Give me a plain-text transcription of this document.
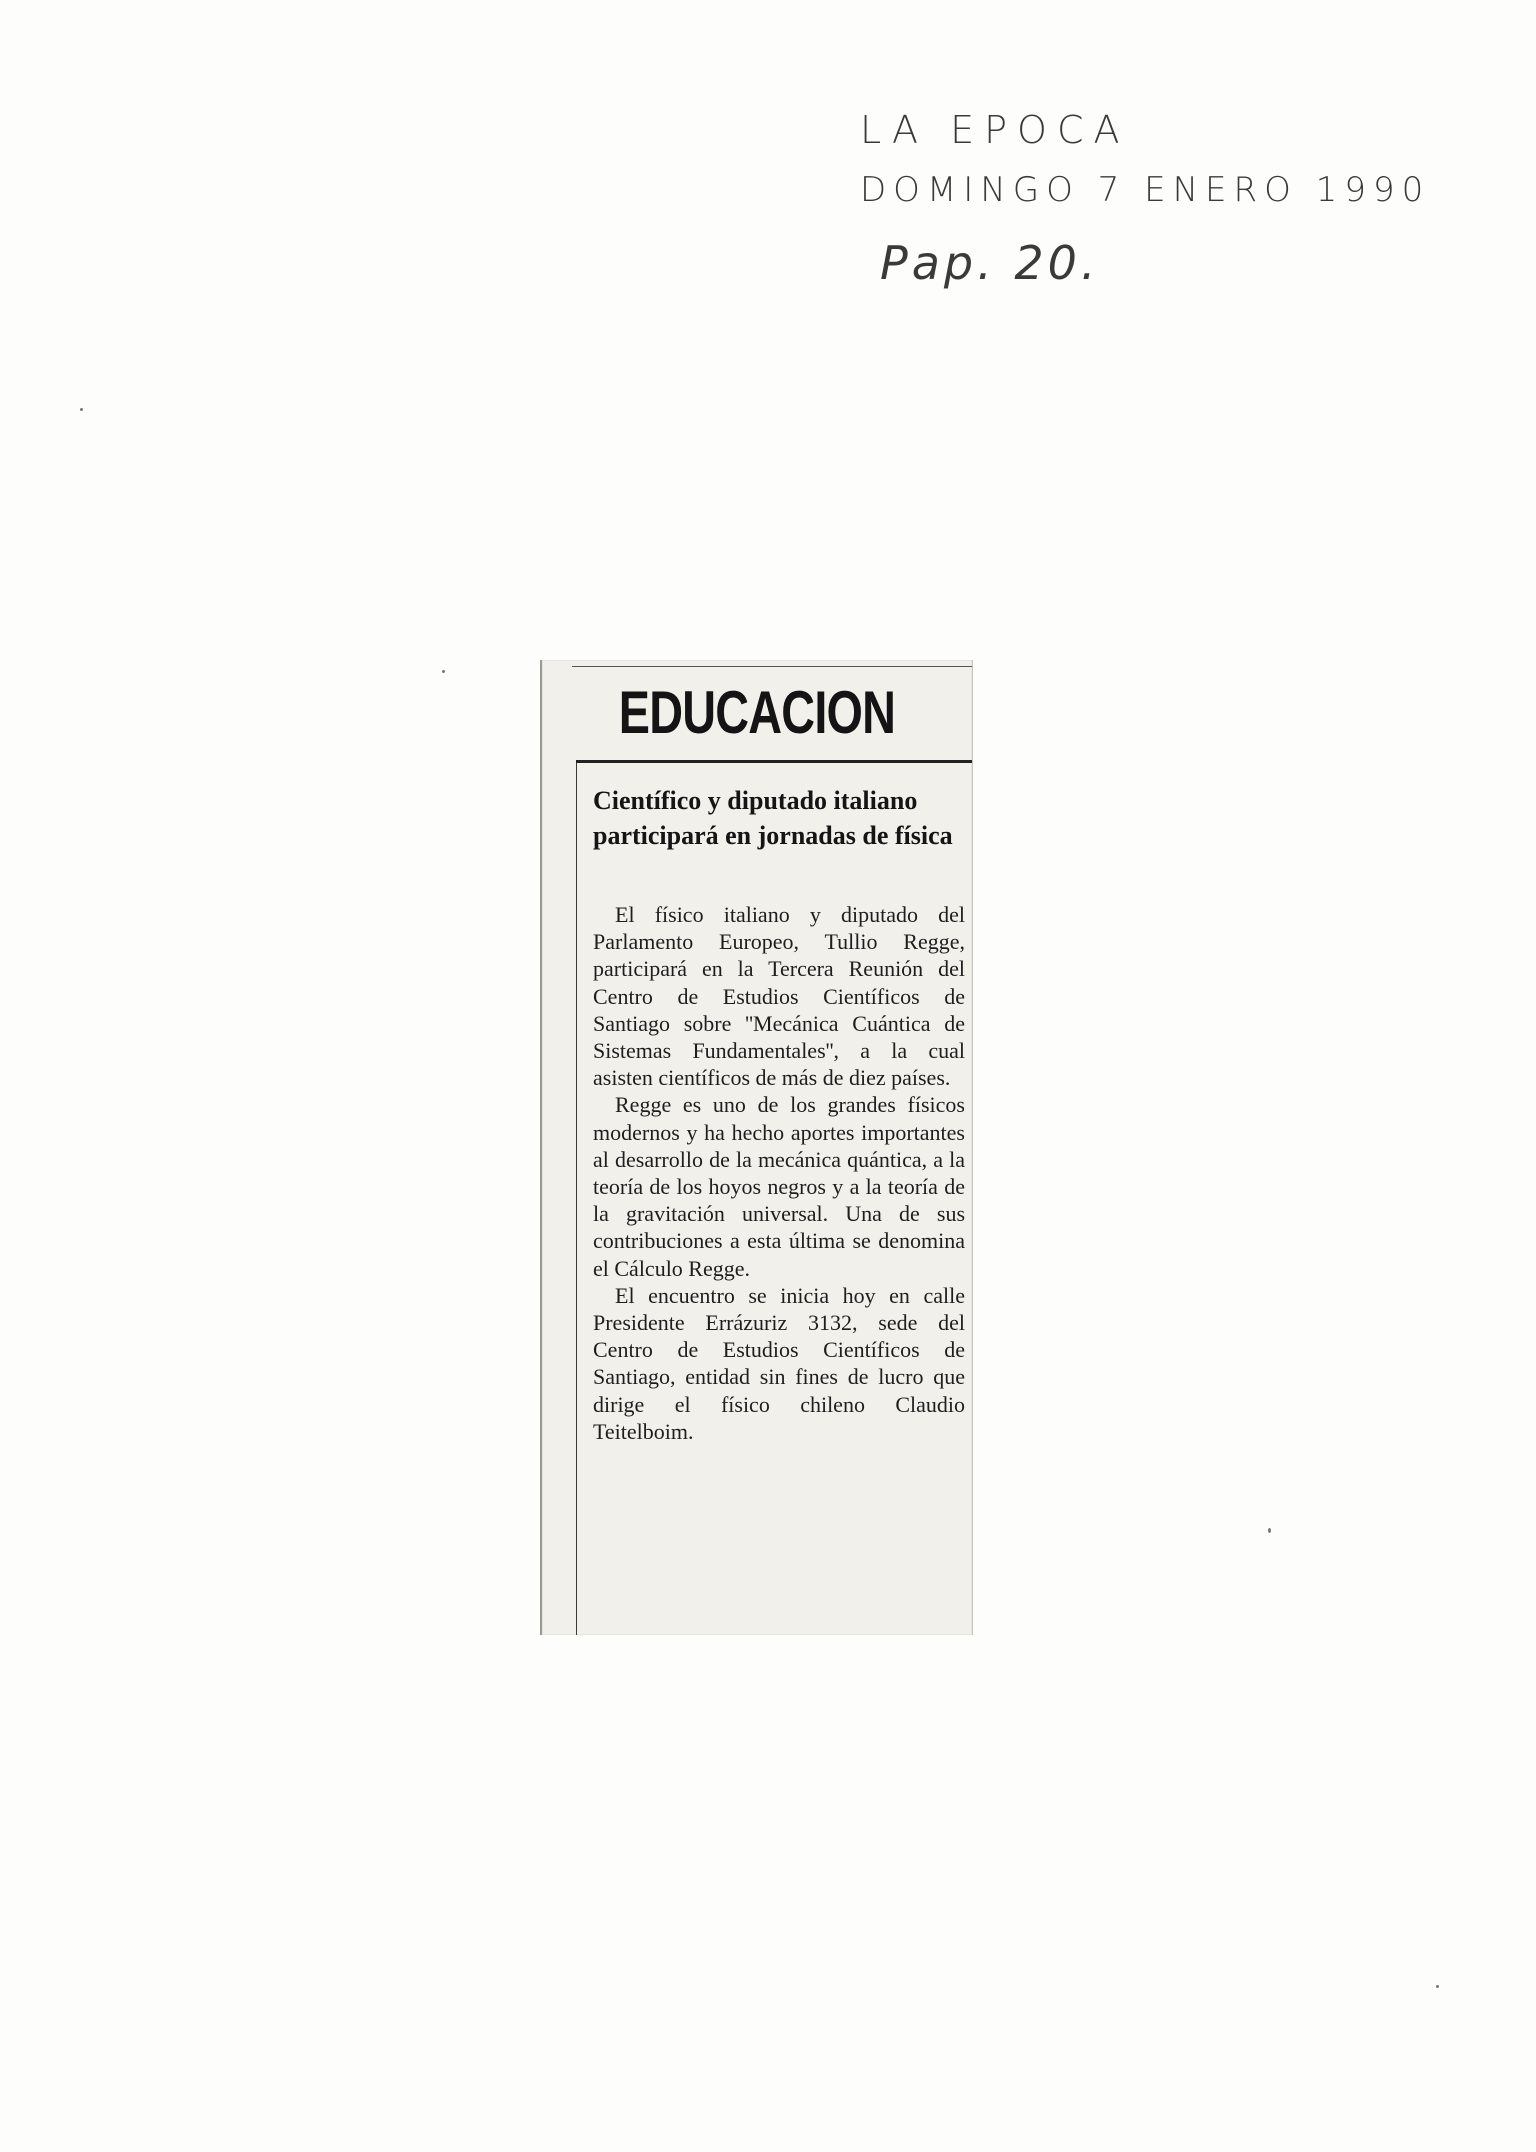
LA EPOCA
DOMINGO 7 ENERO 1990
Pap. 20.
EDUCACION
Científico y diputado italiano participará en jornadas de física

El físico italiano y diputado del Parlamento Europeo, Tullio Regge, participará en la Tercera Reunión del Centro de Estudios Científicos de Santiago sobre ''Mecánica Cuántica de Sistemas Fundamentales'', a la cual asisten científicos de más de diez países.

Regge es uno de los grandes físicos modernos y ha hecho aportes importantes al desarrollo de la mecánica quántica, a la teoría de los hoyos negros y a la teoría de la gravitación universal. Una de sus contribuciones a esta última se denomina el Cálculo Regge.

El encuentro se inicia hoy en calle Presidente Errázuriz 3132, sede del Centro de Estudios Científicos de Santiago, entidad sin fines de lucro que dirige el físico chileno Claudio Teitelboim.
